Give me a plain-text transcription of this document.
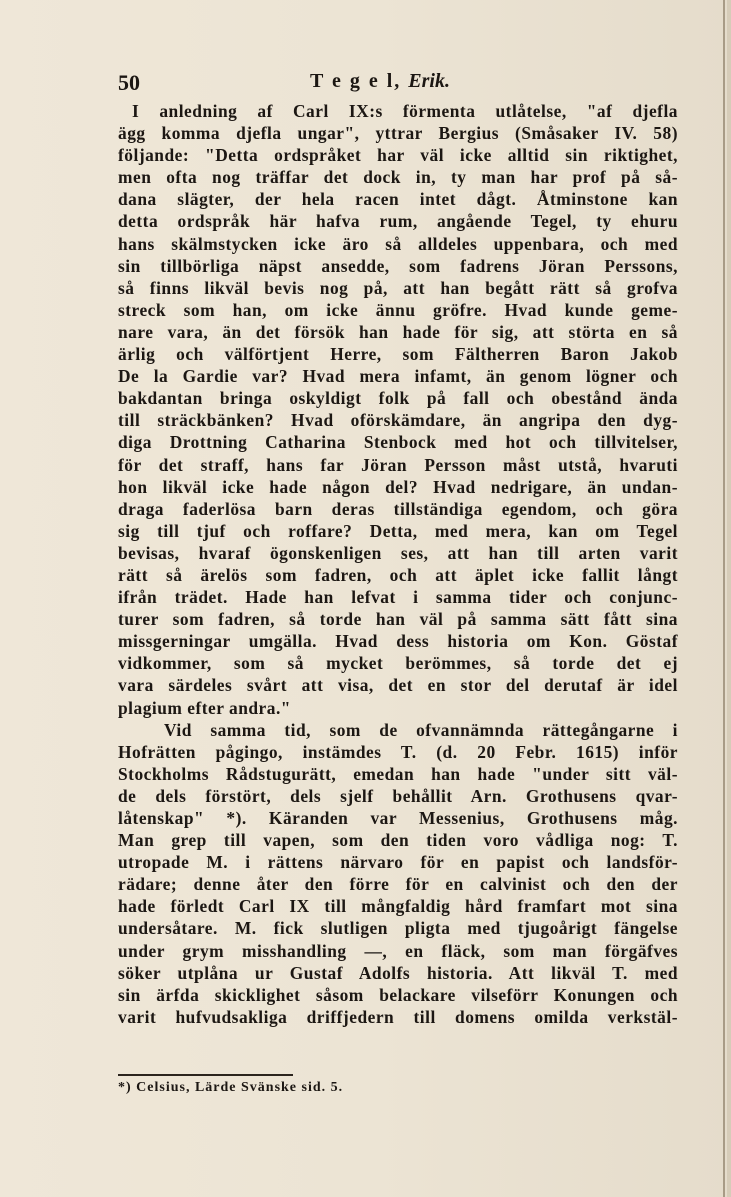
50	T e g e l, Erik.
I anledning af Carl IX:s förmenta utlåtelse, "af djefla
ägg komma djefla ungar", yttrar Bergius (Småsaker IV. 58)
följande: "Detta ordspråket har väl icke alltid sin riktighet,
men ofta nog träffar det dock in, ty man har prof på så-
dana slägter, der hela racen intet dågt. Åtminstone kan
detta ordspråk här hafva rum, angående Tegel, ty ehuru
hans skälmstycken icke äro så alldeles uppenbara, och med
sin tillbörliga näpst ansedde, som fadrens Jöran Perssons,
så finns likväl bevis nog på, att han begått rätt så grofva
streck som han, om icke ännu gröfre. Hvad kunde geme-
nare vara, än det försök han hade för sig, att störta en så
ärlig och välförtjent Herre, som Fältherren Baron Jakob
De la Gardie var? Hvad mera infamt, än genom lögner och
bakdantan bringa oskyldigt folk på fall och obestånd ända
till sträckbänken? Hvad oförskämdare, än angripa den dyg-
diga Drottning Catharina Stenbock med hot och tillvitelser,
för det straff, hans far Jöran Persson måst utstå, hvaruti
hon likväl icke hade någon del? Hvad nedrigare, än undan-
draga faderlösa barn deras tillständiga egendom, och göra
sig till tjuf och roffare? Detta, med mera, kan om Tegel
bevisas, hvaraf ögonskenligen ses, att han till arten varit
rätt så ärelös som fadren, och att äplet icke fallit långt
ifrån trädet. Hade han lefvat i samma tider och conjunc-
turer som fadren, så torde han väl på samma sätt fått sina
missgerningar umgälla. Hvad dess historia om Kon. Göstaf
vidkommer, som så mycket berömmes, så torde det ej
vara särdeles svårt att visa, det en stor del derutaf är idel
plagium efter andra."
Vid samma tid, som de ofvannämnda rättegångarne i
Hofrätten pågingo, instämdes T. (d. 20 Febr. 1615) inför
Stockholms Rådstugurätt, emedan han hade "under sitt väl-
de dels förstört, dels sjelf behållit Arn. Grothusens qvar-
låtenskap" *). Käranden var Messenius, Grothusens måg.
Man grep till vapen, som den tiden voro vådliga nog: T.
utropade M. i rättens närvaro för en papist och landsför-
rädare; denne åter den förre för en calvinist och den der
hade förledt Carl IX till mångfaldig hård framfart mot sina
undersåtare. M. fick slutligen pligta med tjugoårigt fängelse
under grym misshandling —, en fläck, som man förgäfves
söker utplåna ur Gustaf Adolfs historia. Att likväl T. med
sin ärfda skicklighet såsom belackare vilseförr Konungen och
varit hufvudsakliga driffjedern till domens omilda verkstäl-
*) Celsius, Lärde Svänske sid. 5.
